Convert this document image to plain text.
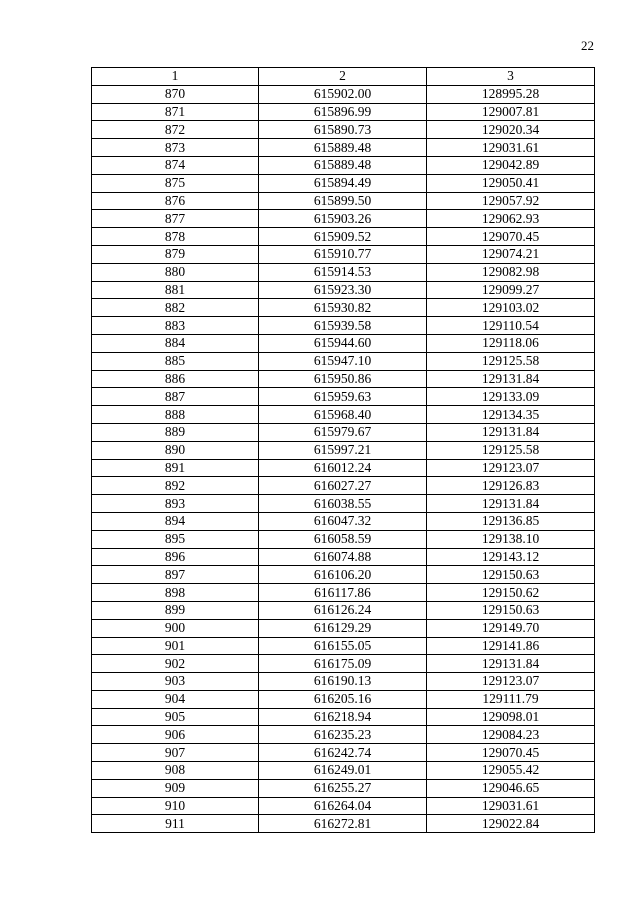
22
1	2	3
870	615902.00	128995.28
871	615896.99	129007.81
872	615890.73	129020.34
873	615889.48	129031.61
874	615889.48	129042.89
875	615894.49	129050.41
876	615899.50	129057.92
877	615903.26	129062.93
878	615909.52	129070.45
879	615910.77	129074.21
880	615914.53	129082.98
881	615923.30	129099.27
882	615930.82	129103.02
883	615939.58	129110.54
884	615944.60	129118.06
885	615947.10	129125.58
886	615950.86	129131.84
887	615959.63	129133.09
888	615968.40	129134.35
889	615979.67	129131.84
890	615997.21	129125.58
891	616012.24	129123.07
892	616027.27	129126.83
893	616038.55	129131.84
894	616047.32	129136.85
895	616058.59	129138.10
896	616074.88	129143.12
897	616106.20	129150.63
898	616117.86	129150.62
899	616126.24	129150.63
900	616129.29	129149.70
901	616155.05	129141.86
902	616175.09	129131.84
903	616190.13	129123.07
904	616205.16	129111.79
905	616218.94	129098.01
906	616235.23	129084.23
907	616242.74	129070.45
908	616249.01	129055.42
909	616255.27	129046.65
910	616264.04	129031.61
911	616272.81	129022.84
